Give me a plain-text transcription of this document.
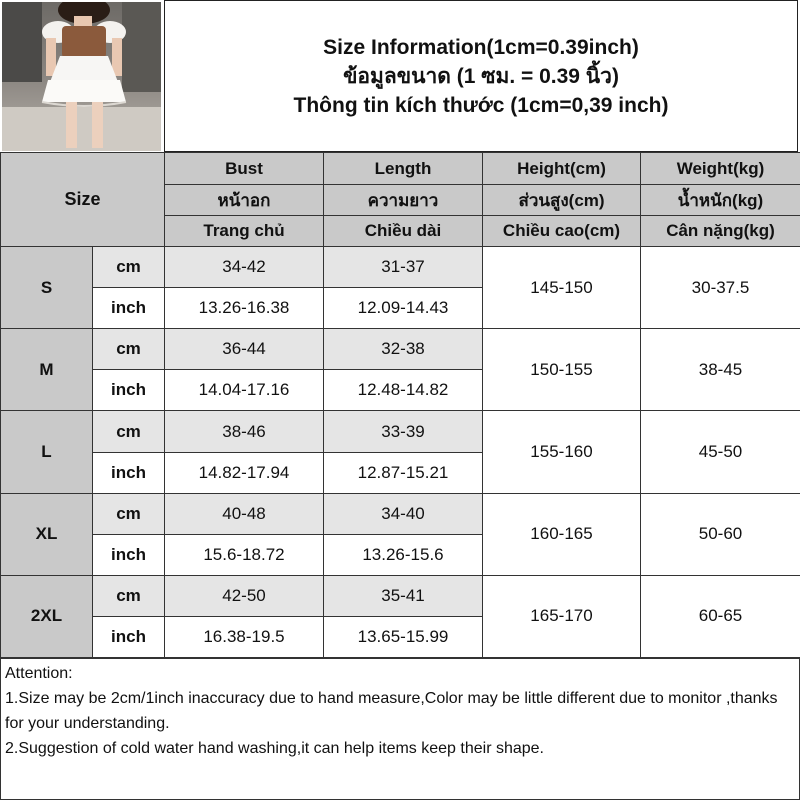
Size Information(1cm=0.39inch)
ข้อมูลขนาด (1 ซม. = 0.39 นิ้ว)
Thông tin kích thước (1cm=0,39 inch)
Size		Bust	Length	Height(cm)	Weight(kg)
		หน้าอก	ความยาว	ส่วนสูง(cm)	น้ำหนัก(kg)
		Trang chủ	Chiều dài	Chiều cao(cm)	Cân nặng(kg)
S	cm	34-42	31-37	145-150	30-37.5
	inch	13.26-16.38	12.09-14.43		
M	cm	36-44	32-38	150-155	38-45
	inch	14.04-17.16	12.48-14.82		
L	cm	38-46	33-39	155-160	45-50
	inch	14.82-17.94	12.87-15.21		
XL	cm	40-48	34-40	160-165	50-60
	inch	15.6-18.72	13.26-15.6		
2XL	cm	42-50	35-41	165-170	60-65
	inch	16.38-19.5	13.65-15.99		
Attention:
1.Size may be 2cm/1inch inaccuracy due to hand measure,Color may be little different due to monitor ,thanks for your understanding.
2.Suggestion of cold water hand washing,it can help items keep their shape.
